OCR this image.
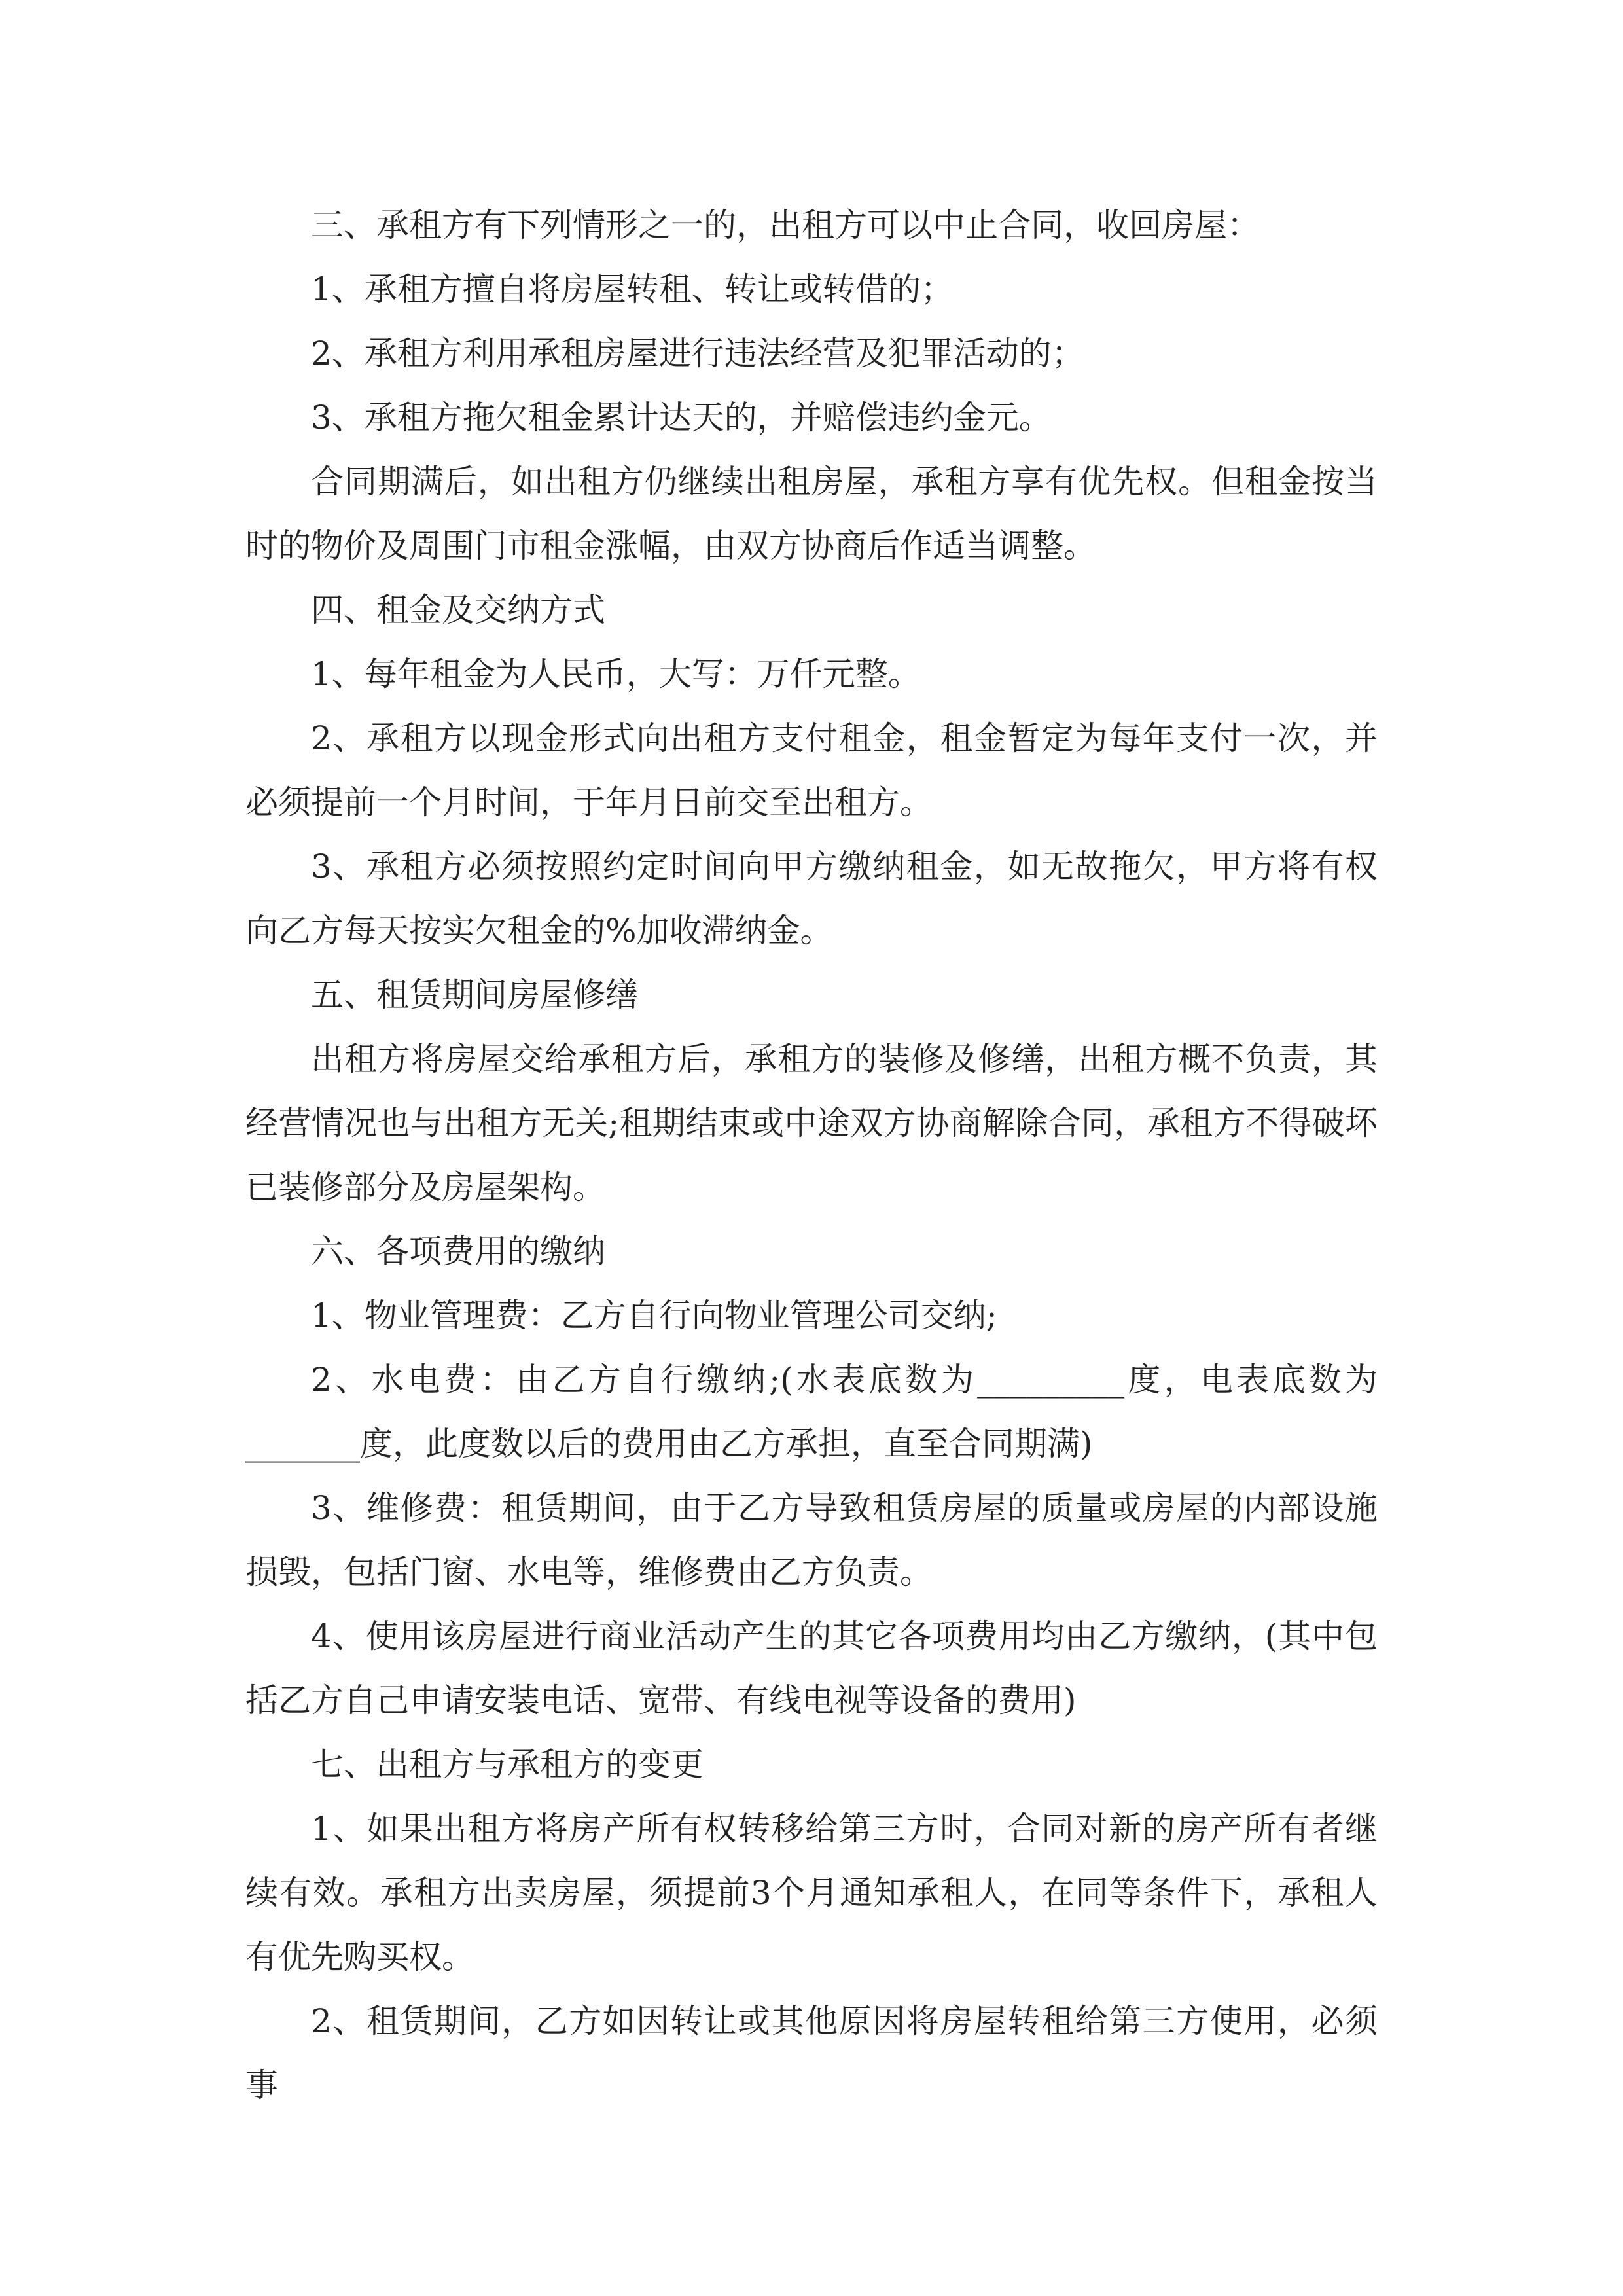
三、承租方有下列情形之一的，出租方可以中止合同，收回房屋：

1、承租方擅自将房屋转租、转让或转借的；

2、承租方利用承租房屋进行违法经营及犯罪活动的；

3、承租方拖欠租金累计达天的，并赔偿违约金元。

合同期满后，如出租方仍继续出租房屋，承租方享有优先权。但租金按当时的物价及周围门市租金涨幅，由双方协商后作适当调整。

四、租金及交纳方式

1、每年租金为人民币，大写：万仟元整。

2、承租方以现金形式向出租方支付租金，租金暂定为每年支付一次，并必须提前一个月时间，于年月日前交至出租方。

3、承租方必须按照约定时间向甲方缴纳租金，如无故拖欠，甲方将有权向乙方每天按实欠租金的%加收滞纳金。

五、租赁期间房屋修缮

出租方将房屋交给承租方后，承租方的装修及修缮，出租方概不负责，其经营情况也与出租方无关;租期结束或中途双方协商解除合同，承租方不得破坏已装修部分及房屋架构。

六、各项费用的缴纳

1、物业管理费：乙方自行向物业管理公司交纳;

2、水电费：由乙方自行缴纳;(水表底数为_________度，电表底数为_______度，此度数以后的费用由乙方承担，直至合同期满)

3、维修费：租赁期间，由于乙方导致租赁房屋的质量或房屋的内部设施损毁，包括门窗、水电等，维修费由乙方负责。

4、使用该房屋进行商业活动产生的其它各项费用均由乙方缴纳，(其中包括乙方自己申请安装电话、宽带、有线电视等设备的费用)

七、出租方与承租方的变更

1、如果出租方将房产所有权转移给第三方时，合同对新的房产所有者继续有效。承租方出卖房屋，须提前3个月通知承租人，在同等条件下，承租人有优先购买权。

2、租赁期间，乙方如因转让或其他原因将房屋转租给第三方使用，必须事
